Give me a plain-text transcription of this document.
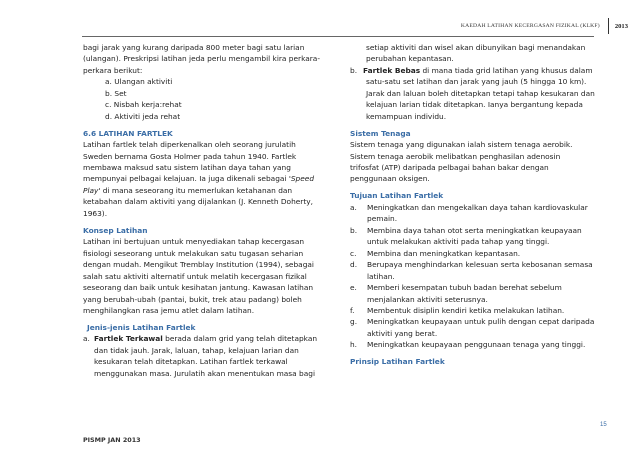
KAEDAH LATIHAN KECERGASAN FIZIKAL (KLKF) 2013
bagi jarak yang kurang daripada 800 meter bagi satu larian
(ulangan). Preskripsi latihan jeda perlu mengambil kira perkara-
perkara berikut:
a. Ulangan aktiviti
b. Set
c. Nisbah kerja:rehat
d. Aktiviti jeda rehat
6.6 LATIHAN FARTLEK
Latihan fartlek telah diperkenalkan oleh seorang jurulatih
Sweden bernama Gosta Holmer pada tahun 1940. Fartlek
membawa maksud satu sistem latihan daya tahan yang
mempunyai pelbagai kelajuan. Ia juga dikenali sebagai 'Speed
Play' di mana seseorang itu memerlukan ketahanan dan
ketabahan dalam aktiviti yang dijalankan (J. Kenneth Doherty,
1963).
Konsep Latihan
Latihan ini bertujuan untuk menyediakan tahap kecergasan
fisiologi seseorang untuk melakukan satu tugasan seharian
dengan mudah. Mengikut Tremblay Institution (1994), sebagai
salah satu aktiviti alternatif untuk melatih kecergasan fizikal
seseorang dan baik untuk kesihatan jantung. Kawasan latihan
yang berubah-ubah (pantai, bukit, trek atau padang) boleh
menghilangkan rasa jemu atlet dalam latihan.
Jenis-jenis Latihan Fartlek
a. Fartlek Terkawal berada dalam grid yang telah ditetapkan
dan tidak jauh. Jarak, laluan, tahap, kelajuan larian dan
kesukaran telah ditetapkan. Latihan fartlek terkawal
menggunakan masa. Jurulatih akan menentukan masa bagi
setiap aktiviti dan wisel akan dibunyikan bagi menandakan
perubahan kepantasan.
b. Fartlek Bebas di mana tiada grid latihan yang khusus dalam
satu-satu set latihan dan jarak yang jauh (5 hingga 10 km).
Jarak dan laluan boleh ditetapkan tetapi tahap kesukaran dan
kelajuan larian tidak ditetapkan. Ianya bergantung kepada
kemampuan individu.
Sistem Tenaga
Sistem tenaga yang digunakan ialah sistem tenaga aerobik.
Sistem tenaga aerobik melibatkan penghasilan adenosin
trifosfat (ATP) daripada pelbagai bahan bakar dengan
penggunaan oksigen.
Tujuan Latihan Fartlek
a.	Meningkatkan dan mengekalkan daya tahan kardiovaskular
pemain.
b.	Membina daya tahan otot serta meningkatkan keupayaan
untuk melakukan aktiviti pada tahap yang tinggi.
c.	Membina dan meningkatkan kepantasan.
d.	Berupaya menghindarkan kelesuan serta kebosanan semasa
latihan.
e.	Memberi kesempatan tubuh badan berehat sebelum
menjalankan aktiviti seterusnya.
f.	Membentuk disiplin kendiri ketika melakukan latihan.
g.	Meningkatkan keupayaan untuk pulih dengan cepat daripada
aktiviti yang berat.
h.	Meningkatkan keupayaan penggunaan tenaga yang tinggi.
Prinsip Latihan Fartlek
15
PISMP JAN 2013
